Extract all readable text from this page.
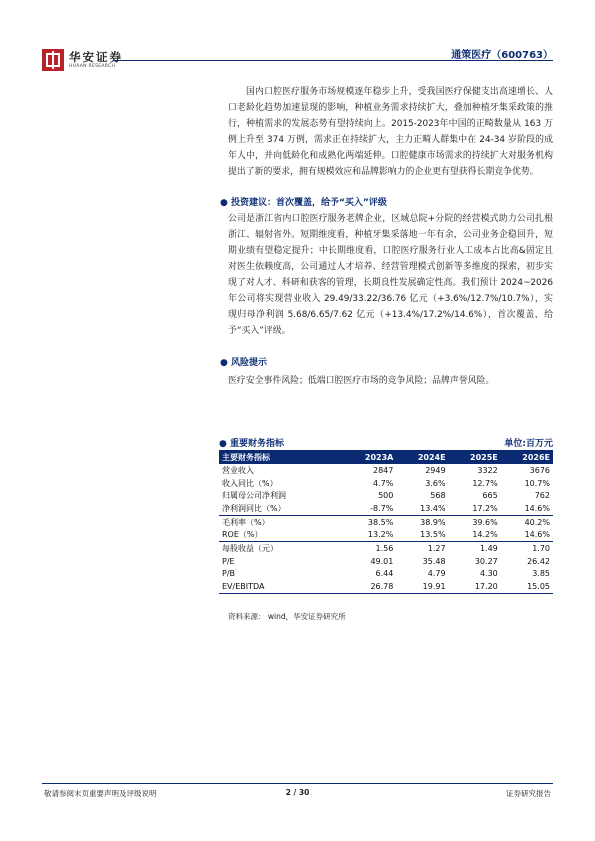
华安证券
HUAAN RESEARCH
通策医疗（600763）
国内口腔医疗服务市场规模逐年稳步上升，受我国医疗保健支出高速增长、人口老龄化趋势加速显现的影响，种植业务需求持续扩大，叠加种植牙集采政策的推行，种植需求的发展态势有望持续向上。2015-2023年中国的正畸数量从 163 万例上升至 374 万例，需求正在持续扩大，主力正畸人群集中在 24-34 岁阶段的成年人中，并向低龄化和成熟化两端延伸。口腔健康市场需求的持续扩大对服务机构提出了新的要求，拥有规模效应和品牌影响力的企业更有望获得长期竞争优势。
● 投资建议：首次覆盖，给予“买入”评级
公司是浙江省内口腔医疗服务老牌企业，区域总院+分院的经营模式助力公司扎根浙江、辐射省外。短期维度看，种植牙集采落地一年有余，公司业务企稳回升，短期业绩有望稳定提升；中长期维度看，口腔医疗服务行业人工成本占比高&固定且对医生依赖度高，公司通过人才培养、经营管理模式创新等多维度的探索，初步实现了对人才、科研和获客的管理，长期良性发展确定性高。我们预计 2024~2026 年公司将实现营业收入 29.49/33.22/36.76 亿元（+3.6%/12.7%/10.7%），实现归母净利润 5.68/6.65/7.62 亿元（+13.4%/17.2%/14.6%），首次覆盖，给予“买入”评级。
● 风险提示
医疗安全事件风险；低端口腔医疗市场的竞争风险；品牌声誉风险。
● 重要财务指标	单位:百万元
主要财务指标	2023A	2024E	2025E	2026E
营业收入	2847	2949	3322	3676
收入同比（%）	4.7%	3.6%	12.7%	10.7%
归属母公司净利润	500	568	665	762
净利润同比（%）	-8.7%	13.4%	17.2%	14.6%
毛利率（%）	38.5%	38.9%	39.6%	40.2%
ROE（%）	13.2%	13.5%	14.2%	14.6%
每股收益（元）	1.56	1.27	1.49	1.70
P/E	49.01	35.48	30.27	26.42
P/B	6.44	4.79	4.30	3.85
EV/EBITDA	26.78	19.91	17.20	15.05
资料来源： wind，华安证券研究所
敬请参阅末页重要声明及评级说明	2 / 30	证券研究报告
